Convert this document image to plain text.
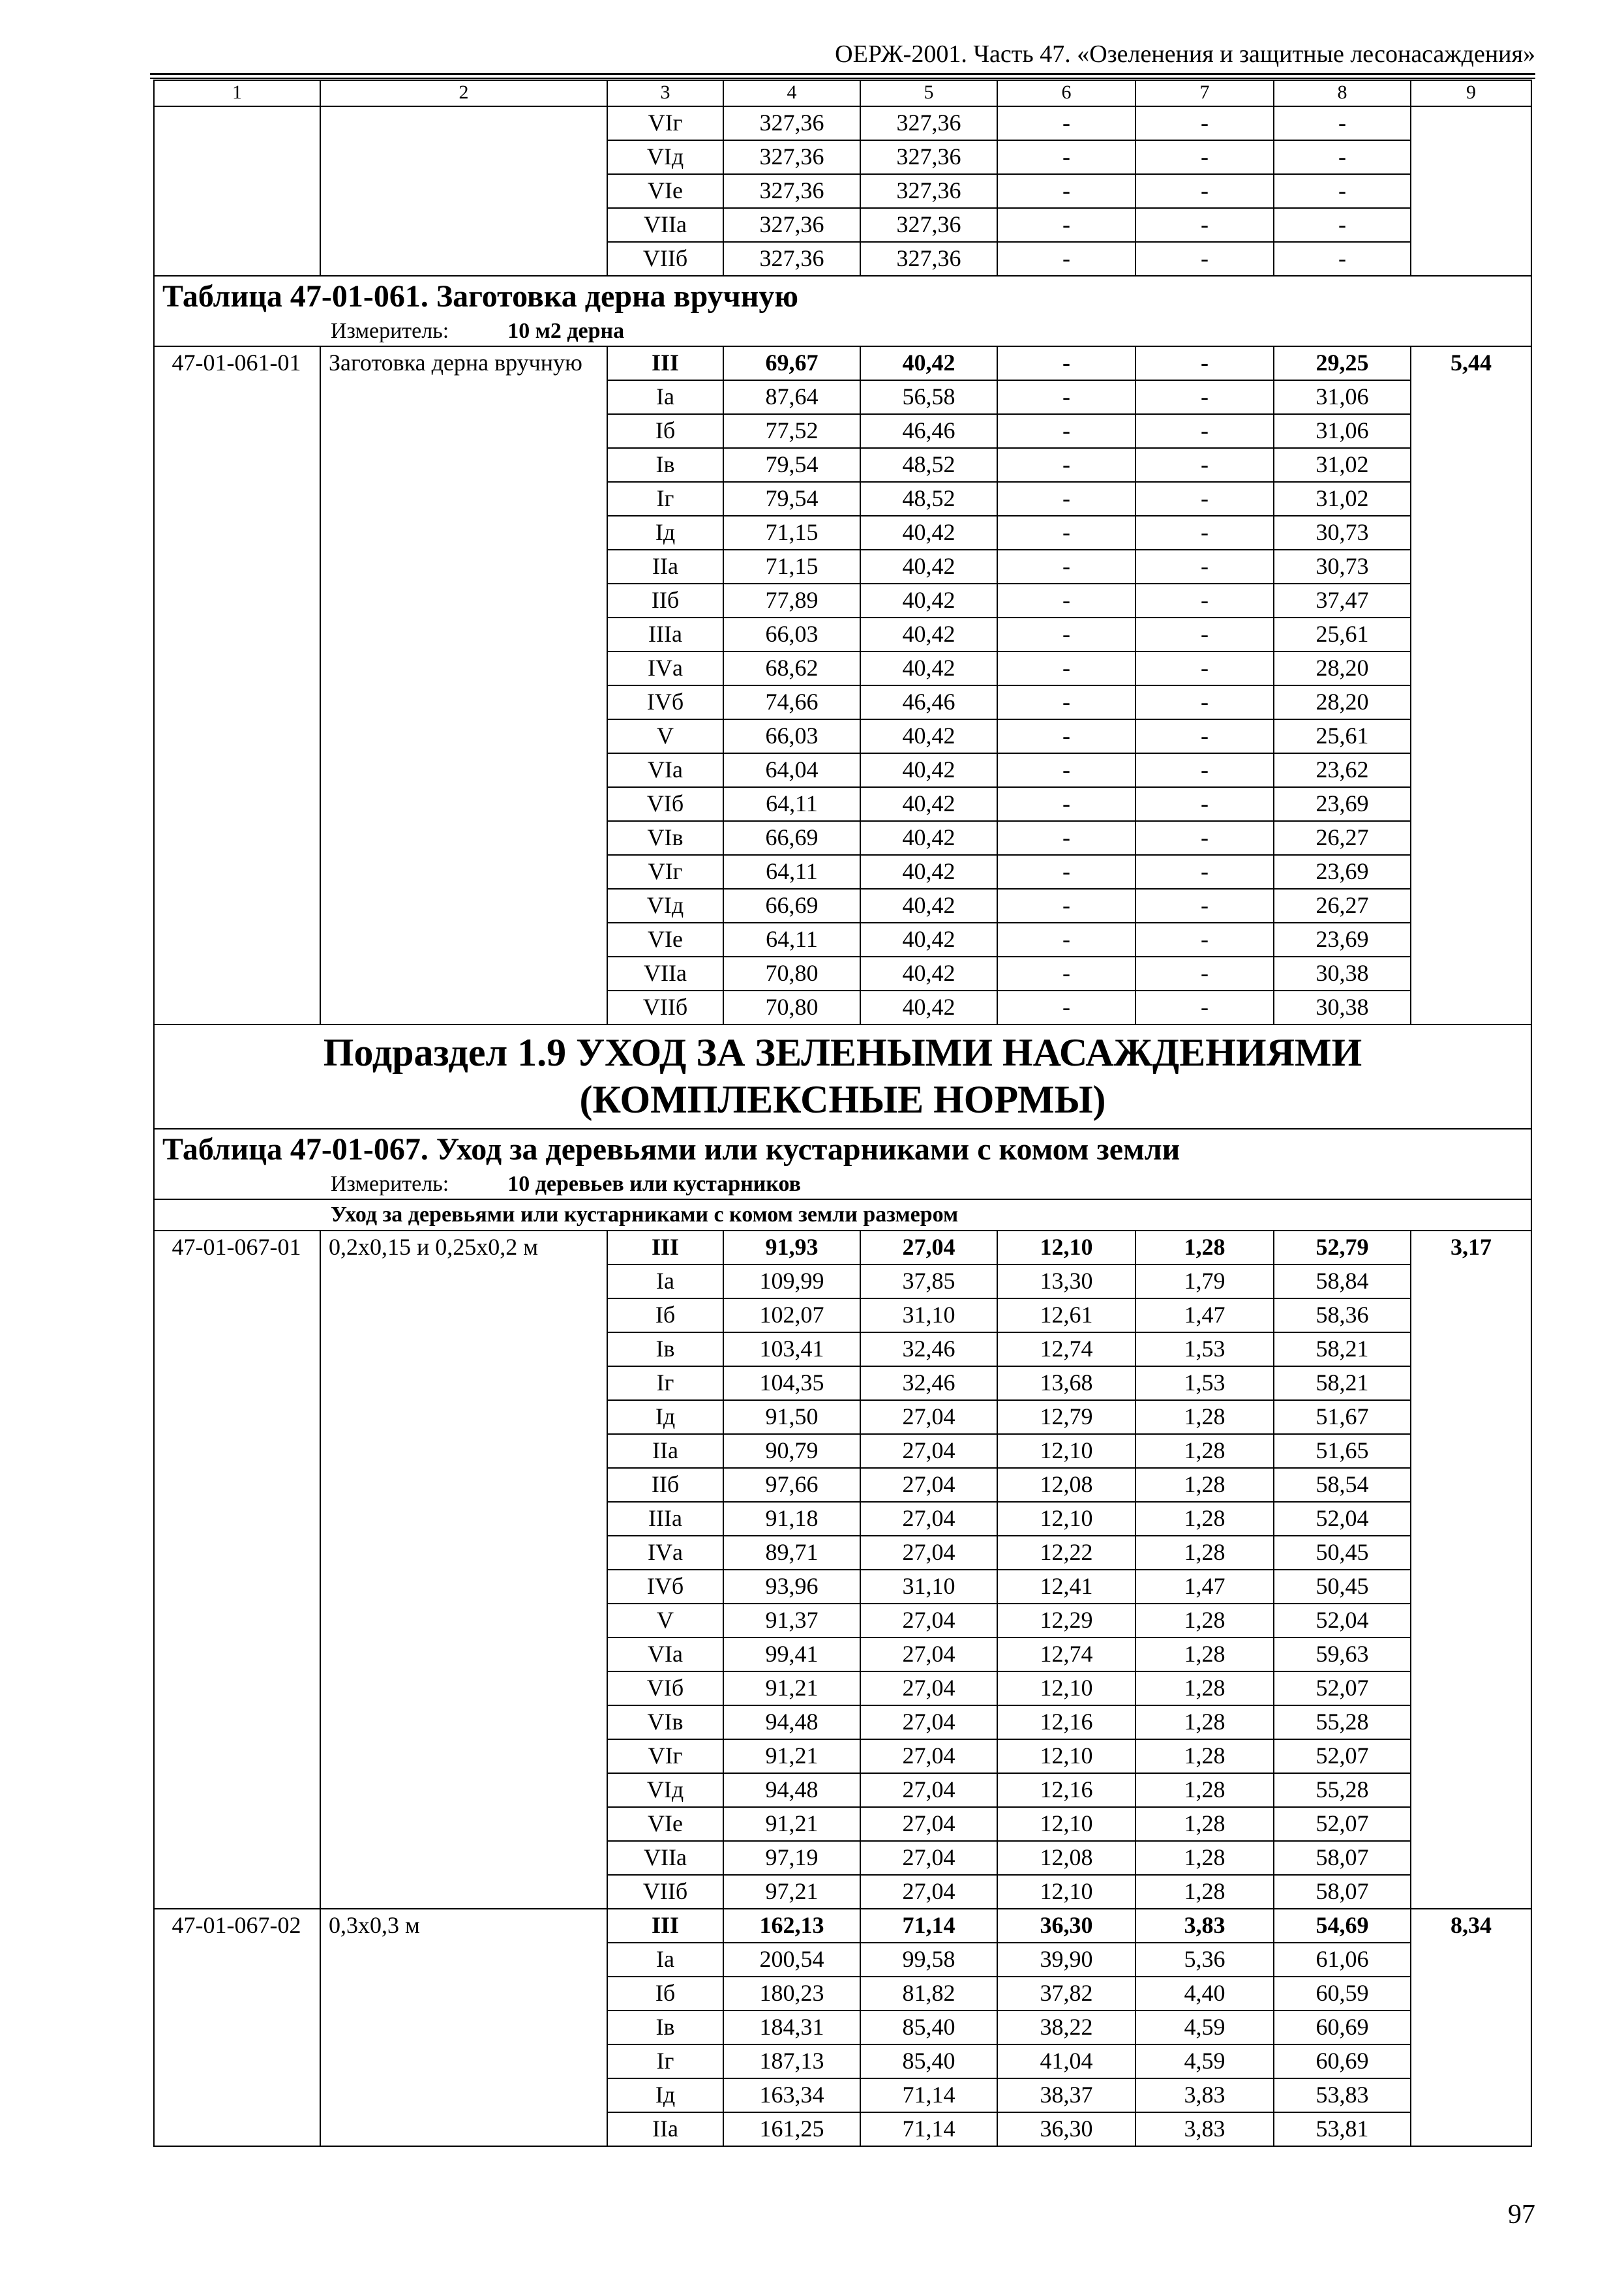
ОЕРЖ-2001. Часть 47. «Озеленения и защитные лесонасаждения»
1	2	3	4	5	6	7	8	9
		VIг	327,36	327,36	-	-	-	
		VIд	327,36	327,36	-	-	-	
		VIе	327,36	327,36	-	-	-	
		VIIа	327,36	327,36	-	-	-	
		VIIб	327,36	327,36	-	-	-	

Таблица 47-01-061. Заготовка дерна вручную
Измеритель: 10 м2 дерна								

47-01-061-01	Заготовка дерна вручную	III	69,67	40,42	-	-	29,25	5,44
		Iа	87,64	56,58	-	-	31,06	
		Iб	77,52	46,46	-	-	31,06	
		Iв	79,54	48,52	-	-	31,02	
		Iг	79,54	48,52	-	-	31,02	
		Iд	71,15	40,42	-	-	30,73	
		IIа	71,15	40,42	-	-	30,73	
		IIб	77,89	40,42	-	-	37,47	
		IIIа	66,03	40,42	-	-	25,61	
		IVа	68,62	40,42	-	-	28,20	
		IVб	74,66	46,46	-	-	28,20	
		V	66,03	40,42	-	-	25,61	
		VIа	64,04	40,42	-	-	23,62	
		VIб	64,11	40,42	-	-	23,69	
		VIв	66,69	40,42	-	-	26,27	
		VIг	64,11	40,42	-	-	23,69	
		VIд	66,69	40,42	-	-	26,27	
		VIе	64,11	40,42	-	-	23,69	
		VIIа	70,80	40,42	-	-	30,38	
		VIIб	70,80	40,42	-	-	30,38	
Подраздел 1.9 УХОД ЗА ЗЕЛЕНЫМИ НАСАЖДЕНИЯМИ (КОМПЛЕКСНЫЕ НОРМЫ)								

Таблица 47-01-067. Уход за деревьями или кустарниками с комом земли
Измеритель: 10 деревьев или кустарников								

Уход за деревьями или кустарниками с комом земли размером								
47-01-067-01	0,2х0,15 и 0,25х0,2 м	III	91,93	27,04	12,10	1,28	52,79	3,17
		Iа	109,99	37,85	13,30	1,79	58,84	
		Iб	102,07	31,10	12,61	1,47	58,36	
		Iв	103,41	32,46	12,74	1,53	58,21	
		Iг	104,35	32,46	13,68	1,53	58,21	
		Iд	91,50	27,04	12,79	1,28	51,67	
		IIа	90,79	27,04	12,10	1,28	51,65	
		IIб	97,66	27,04	12,08	1,28	58,54	
		IIIа	91,18	27,04	12,10	1,28	52,04	
		IVа	89,71	27,04	12,22	1,28	50,45	
		IVб	93,96	31,10	12,41	1,47	50,45	
		V	91,37	27,04	12,29	1,28	52,04	
		VIа	99,41	27,04	12,74	1,28	59,63	
		VIб	91,21	27,04	12,10	1,28	52,07	
		VIв	94,48	27,04	12,16	1,28	55,28	
		VIг	91,21	27,04	12,10	1,28	52,07	
		VIд	94,48	27,04	12,16	1,28	55,28	
		VIе	91,21	27,04	12,10	1,28	52,07	
		VIIа	97,19	27,04	12,08	1,28	58,07	
		VIIб	97,21	27,04	12,10	1,28	58,07	
47-01-067-02	0,3х0,3 м	III	162,13	71,14	36,30	3,83	54,69	8,34
		Iа	200,54	99,58	39,90	5,36	61,06	
		Iб	180,23	81,82	37,82	4,40	60,59	
		Iв	184,31	85,40	38,22	4,59	60,69	
		Iг	187,13	85,40	41,04	4,59	60,69	
		Iд	163,34	71,14	38,37	3,83	53,83	
		IIа	161,25	71,14	36,30	3,83	53,81	
97
